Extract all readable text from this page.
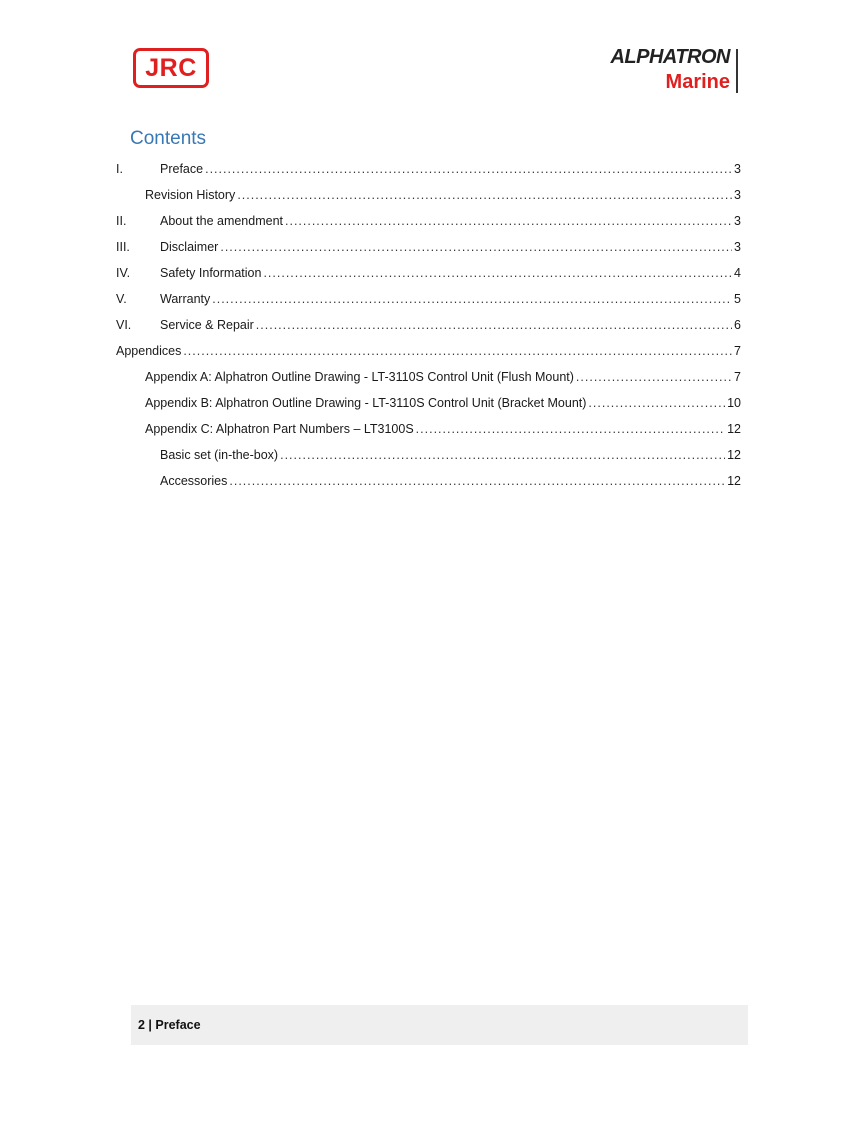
JRC	ALPHATRON
Marine
Contents
I.	Preface .....	3
Revision History .....	3
II.	About the amendment .....	3
III. Disclaimer .....	3
IV. Safety Information .....	4
V.	Warranty .....	5
VI. Service & Repair .....	6
Appendices .....	7
Appendix A: Alphatron Outline Drawing - LT-3110S Control Unit (Flush Mount) .....	7
Appendix B: Alphatron Outline Drawing - LT-3110S Control Unit (Bracket Mount) .....	10
Appendix C: Alphatron Part Numbers – LT3100S .....	12
Basic set (in-the-box) .....	12
Accessories .....	12
2 | Preface
